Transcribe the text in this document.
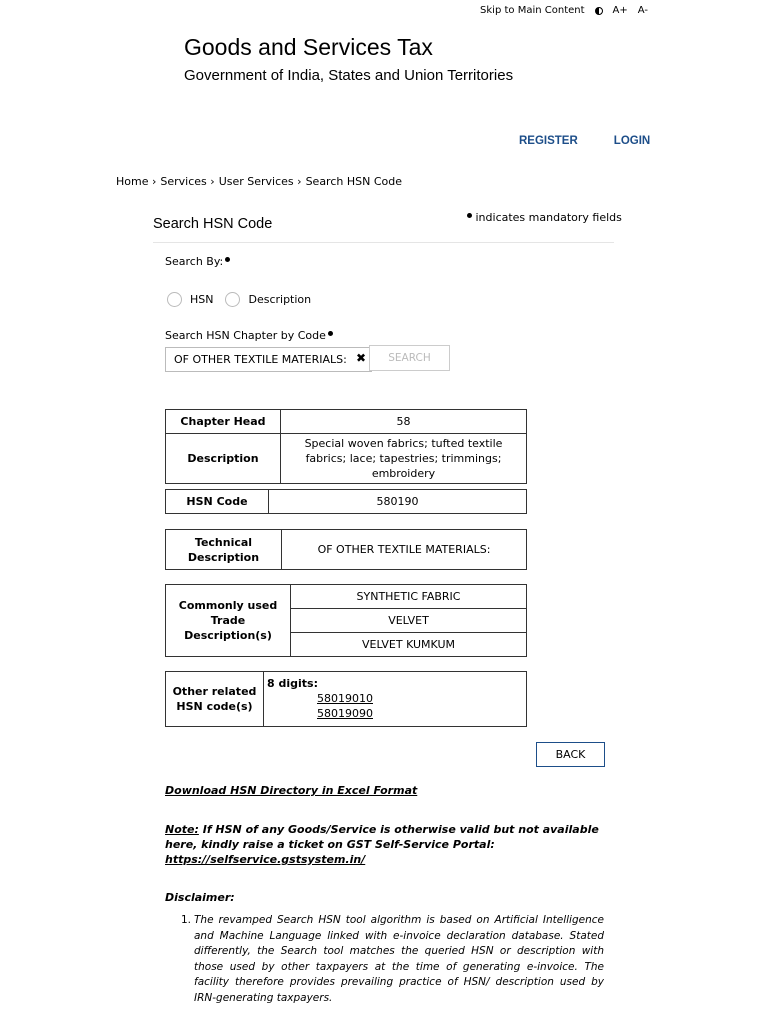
Skip to Main Content	A+ A-
Goods and Services Tax
Government of India, States and Union Territories
REGISTER	LOGIN
Home › Services › User Services › Search HSN Code
Search HSN Code	indicates mandatory fields
Search By:
HSN	Description
Search HSN Chapter by Code
OF OTHER TEXTILE MATERIALS: ✖	SEARCH
Chapter Head	58
Description	Special woven fabrics; tufted textile fabrics; lace; tapestries; trimmings; embroidery
HSN Code	580190
Technical Description	OF OTHER TEXTILE MATERIALS:
Commonly used Trade Description(s)	SYNTHETIC FABRIC
VELVET
VELVET KUMKUM
Other related HSN code(s)	8 digits:
58019010
58019090
BACK
Download HSN Directory in Excel Format
Note: If HSN of any Goods/Service is otherwise valid but not available here, kindly raise a ticket on GST Self-Service Portal: https://selfservice.gstsystem.in/
Disclaimer:
1. The revamped Search HSN tool algorithm is based on Artificial Intelligence and Machine Language linked with e-invoice declaration database. Stated differently, the Search tool matches the queried HSN or description with those used by other taxpayers at the time of generating e-invoice. The facility therefore provides prevailing practice of HSN/ description used by IRN-generating taxpayers.
